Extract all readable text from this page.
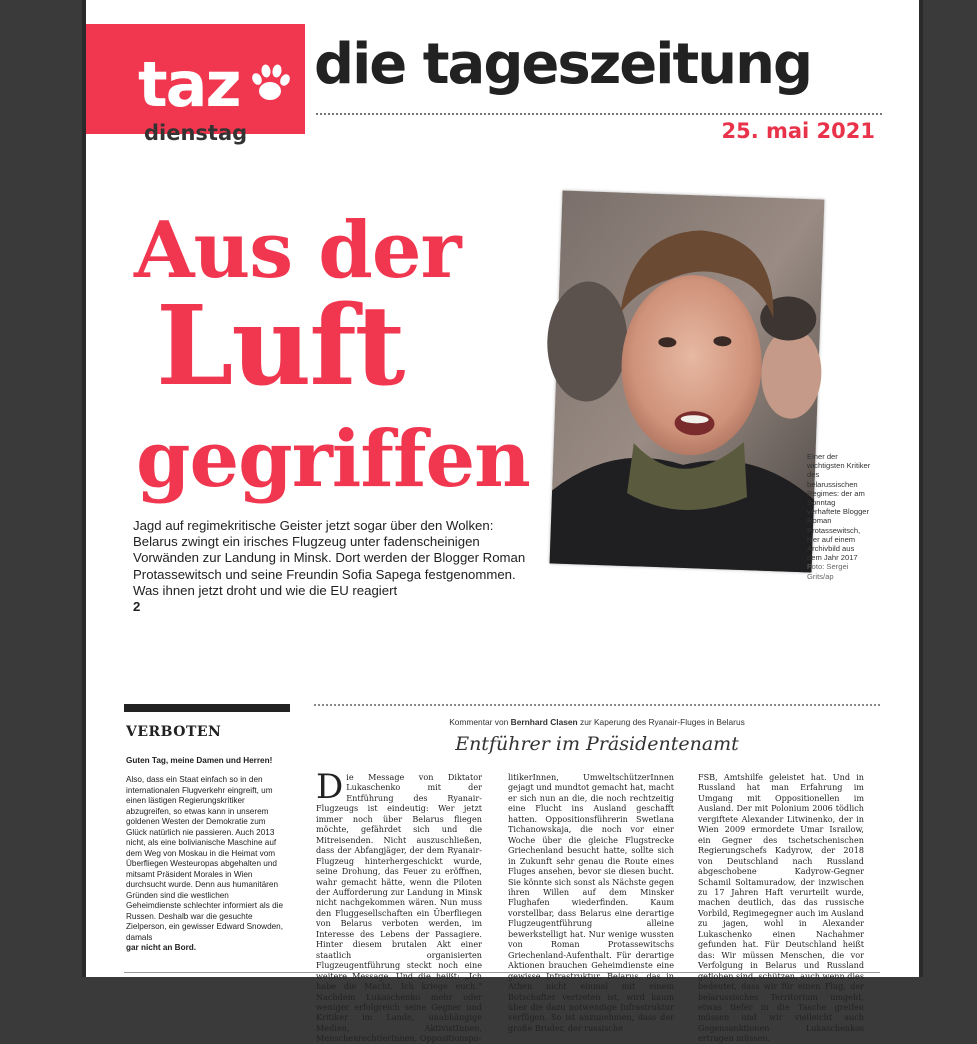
taz die tageszeitung
dienstag	25. mai 2021
Aus der
Luft
gegriffen
Jagd auf regimekritische Geister jetzt sogar über den Wolken: Belarus zwingt ein irisches Flugzeug unter fadenscheinigen Vorwänden zur Landung in Minsk. Dort werden der Blogger Roman Protassewitsch und seine Freundin Sofia Sapega festgenommen. Was ihnen jetzt droht und wie die EU reagiert
2
Einer der wichtigsten Kritiker des belarussischen Regimes: der am Sonntag verhaftete Blogger Roman Protassewitsch, hier auf einem Archivbild aus dem Jahr 2017
Foto: Sergei Grits/ap
VERBOTEN
Guten Tag, meine Damen und Herren!
Also, dass ein Staat einfach so in den internationalen Flugverkehr eingreift, um einen lästigen Regierungskritiker abzugreifen, so etwas kann in unserem goldenen Westen der Demokratie zum Glück natürlich nie passieren. Auch 2013 nicht, als eine bolivianische Maschine auf dem Weg von Moskau in die Heimat vom Überfliegen Westeuropas abgehalten und mitsamt Präsident Morales in Wien durchsucht wurde. Denn aus humanitären Gründen sind die westlichen Geheimdienste schlechter informiert als die Russen. Deshalb war die gesuchte Zielperson, ein gewisser Edward Snowden, damals
gar nicht an Bord.
Kommentar von Bernhard Clasen zur Kaperung des Ryanair-Fluges in Belarus
Entführer im Präsidentenamt
D ie Message von Diktator Lukaschenko mit der Entführung des Ryanair-Flugzeugs ist eindeutig: Wer jetzt immer noch über Belarus fliegen möchte, gefährdet sich und die Mitreisenden. Nicht auszuschließen, dass der Abfangjäger, der dem Ryanair-Flugzeug hinterhergeschickt wurde, seine Drohung, das Feuer zu eröffnen, wahr gemacht hätte, wenn die Piloten der Aufforderung zur Landung in Minsk nicht nachgekommen wären. Nun muss den Fluggesellschaften ein Überfliegen von Belarus verboten werden, im Interesse des Lebens der Passagiere. Hinter diesem brutalen Akt einer staatlich organisierten Flugzeugentführung steckt noch eine weitere Message. Und die heißt: „Ich habe die Macht. Ich kriege euch.“ Nachdem Lukaschenko mehr oder weniger erfolgreich seine Gegner und Kritiker im Lande, unabhängige Medien, AktivistInnen, MenschenrechtlerInnen, Oppositionspo-
litikerInnen, UmweltschützerInnen gejagt und mundtot gemacht hat, macht er sich nun an die, die noch rechtzeitig eine Flucht ins Ausland geschafft hatten. Oppositionsführerin Swetlana Tichanowskaja, die noch vor einer Woche über die gleiche Flugstrecke Griechenland besucht hatte, sollte sich in Zukunft sehr genau die Route eines Fluges ansehen, bevor sie diesen bucht. Sie könnte sich sonst als Nächste gegen ihren Willen auf dem Minsker Flughafen wiederfinden. Kaum vorstellbar, dass Belarus eine derartige Flugzeugentführung alleine bewerkstelligt hat. Nur wenige wussten von Roman Protassewitschs Griechenland-Aufenthalt. Für derartige Aktionen brauchen Geheimdienste eine gewisse Infrastruktur. Belarus, das in Athen nicht einmal mit einem Botschafter vertreten ist, wird kaum über die dazu notwendige Infrastruktur verfügen. So ist anzunehmen, dass der große Bruder, der russische
FSB, Amtshilfe geleistet hat. Und in Russland hat man Erfahrung im Umgang mit Oppositionellen im Ausland. Der mit Polonium 2006 tödlich vergiftete Alexander Litwinenko, der in Wien 2009 ermordete Umar Israilow, ein Gegner des tschetschenischen Regierungschefs Kadyrow, der 2018 von Deutschland nach Russland abgeschobene Kadyrow-Gegner Schamil Soltamuradow, der inzwischen zu 17 Jahren Haft verurteilt wurde, machen deutlich, das das russische Vorbild, Regimegegner auch im Ausland zu jagen, wohl in Alexander Lukaschenko einen Nachahmer gefunden hat. Für Deutschland heißt das: Wir müssen Menschen, die vor Verfolgung in Belarus und Russland geflohen sind, schützen, auch wenn dies bedeutet, dass wir für einen Flug, der belarussisches Territorium umgeht, etwas tiefer in die Tasche greifen müssen und wir vielleicht auch Gegensanktionen Lukaschenkos ertragen müssen.
